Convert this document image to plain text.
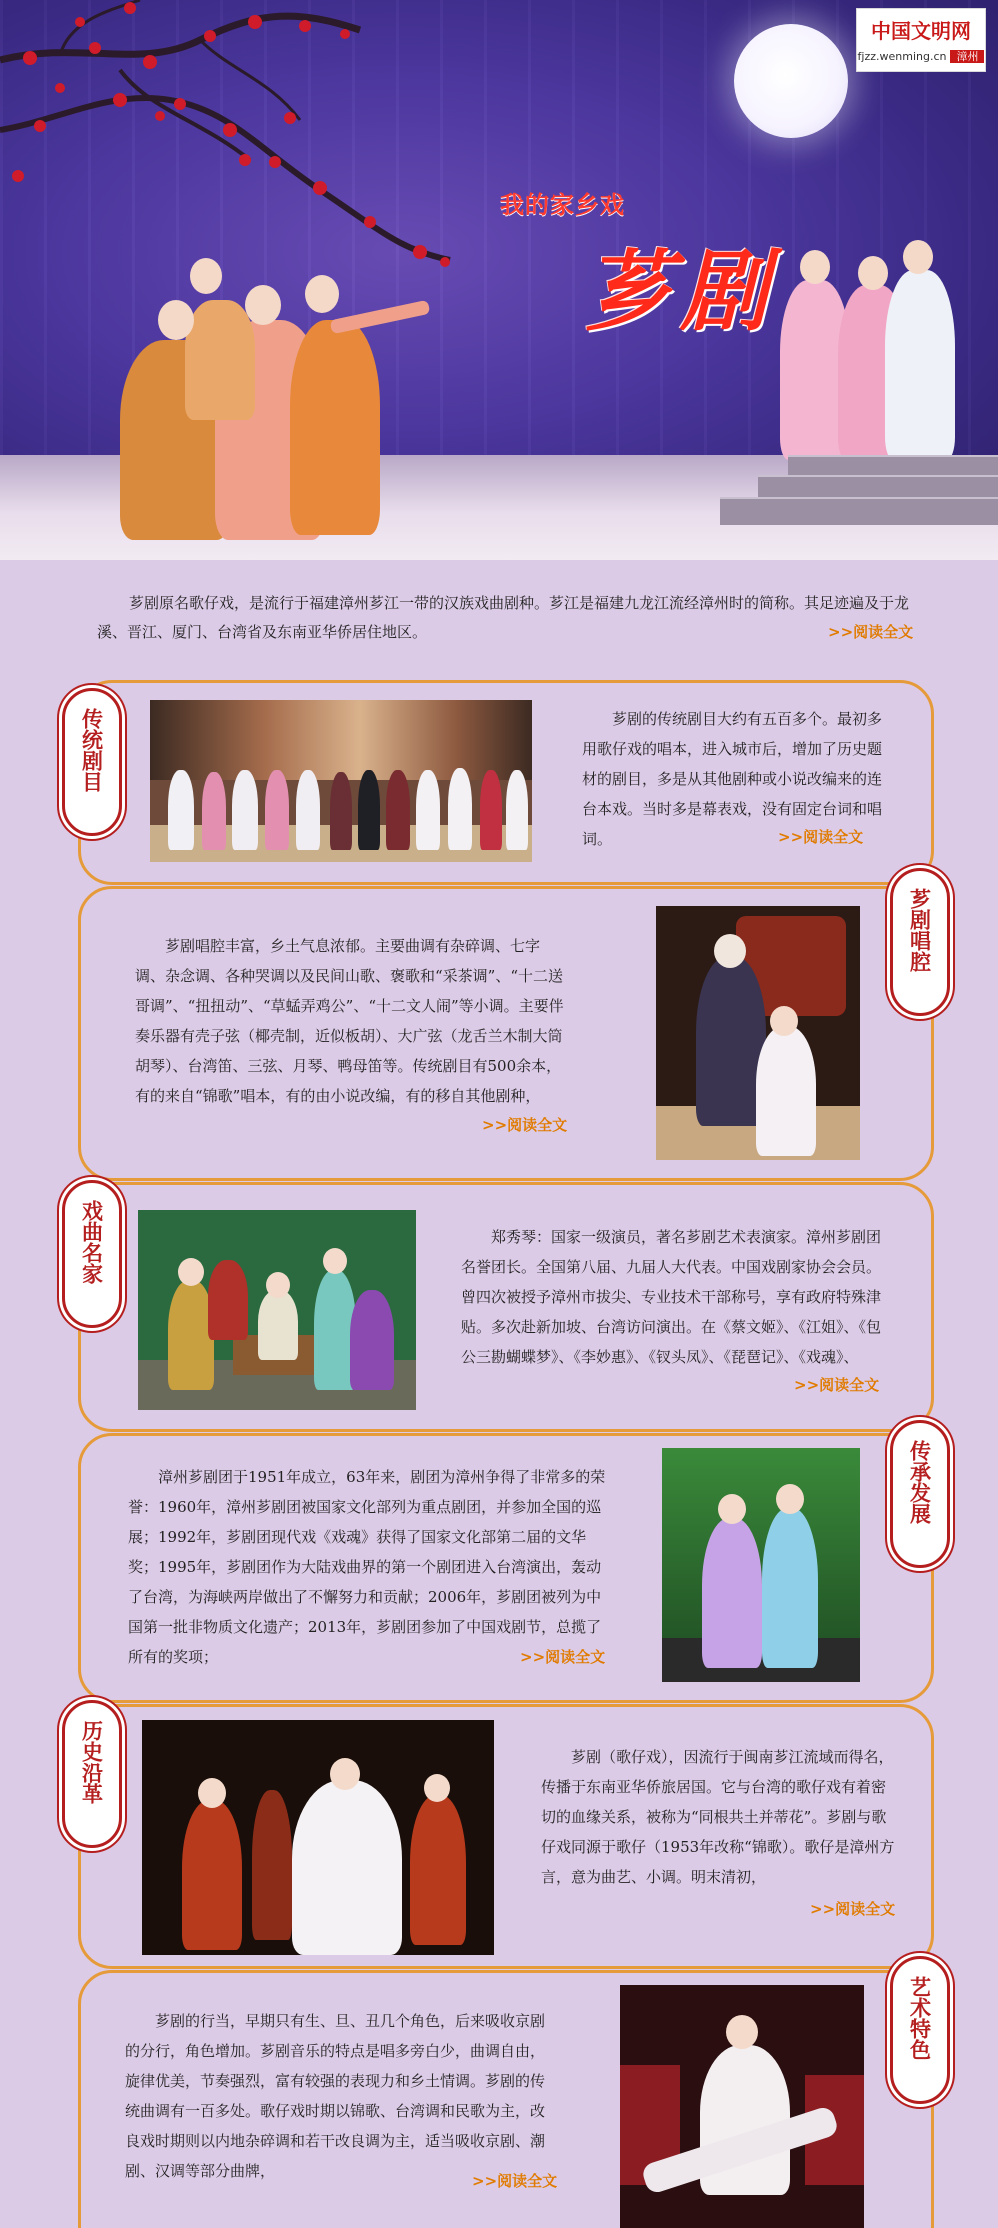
中国文明网
fjzz.wenming.cn 漳州
我的家乡戏
芗剧
芗剧原名歌仔戏，是流行于福建漳州芗江一带的汉族戏曲剧种。芗江是福建九龙江流经漳州时的简称。其足迹遍及于龙溪、晋江、厦门、台湾省及东南亚华侨居住地区。	>>阅读全文
传统剧目	芗剧的传统剧目大约有五百多个。最初多用歌仔戏的唱本，进入城市后，增加了历史题材的剧目，多是从其他剧种或小说改编来的连台本戏。当时多是幕表戏，没有固定台词和唱词。	>>阅读全文
芗剧唱腔
芗剧唱腔丰富，乡土气息浓郁。主要曲调有杂碎调、七字调、杂念调、各种哭调以及民间山歌、褒歌和“采茶调”、“十二送哥调”、“扭扭动”、“草蜢弄鸡公”、“十二文人闹”等小调。主要伴奏乐器有壳子弦（椰壳制，近似板胡）、大广弦（龙舌兰木制大筒胡琴）、台湾笛、三弦、月琴、鸭母笛等。传统剧目有500余本，有的来自“锦歌”唱本，有的由小说改编，有的移自其他剧种，
>>阅读全文
戏曲名家	郑秀琴：国家一级演员，著名芗剧艺术表演家。漳州芗剧团名誉团长。全国第八届、九届人大代表。中国戏剧家协会会员。曾四次被授予漳州市拔尖、专业技术干部称号，享有政府特殊津贴。多次赴新加坡、台湾访问演出。在《蔡文姬》、《江姐》、《包公三勘蝴蝶梦》、《李妙惠》、《钗头凤》、《琵琶记》、《戏魂》、
>>阅读全文
传承发展
漳州芗剧团于1951年成立，63年来，剧团为漳州争得了非常多的荣誉：1960年，漳州芗剧团被国家文化部列为重点剧团，并参加全国的巡展；1992年，芗剧团现代戏《戏魂》获得了国家文化部第二届的文华奖；1995年，芗剧团作为大陆戏曲界的第一个剧团进入台湾演出，轰动了台湾，为海峡两岸做出了不懈努力和贡献；2006年，芗剧团被列为中国第一批非物质文化遗产；2013年，芗剧团参加了中国戏剧节，总揽了所有的奖项；	>>阅读全文
历史沿革	芗剧（歌仔戏），因流行于闽南芗江流域而得名，传播于东南亚华侨旅居国。它与台湾的歌仔戏有着密切的血缘关系，被称为“同根共土并蒂花”。芗剧与歌仔戏同源于歌仔（1953年改称“锦歌）。歌仔是漳州方言，意为曲艺、小调。明末清初，
>>阅读全文
艺术特色
芗剧的行当，早期只有生、旦、丑几个角色，后来吸收京剧的分行，角色增加。芗剧音乐的特点是唱多旁白少，曲调自由，旋律优美，节奏强烈，富有较强的表现力和乡土情调。芗剧的传统曲调有一百多处。歌仔戏时期以锦歌、台湾调和民歌为主，改良戏时期则以内地杂碎调和若干改良调为主，适当吸收京剧、潮剧、汉调等部分曲牌，
>>阅读全文
